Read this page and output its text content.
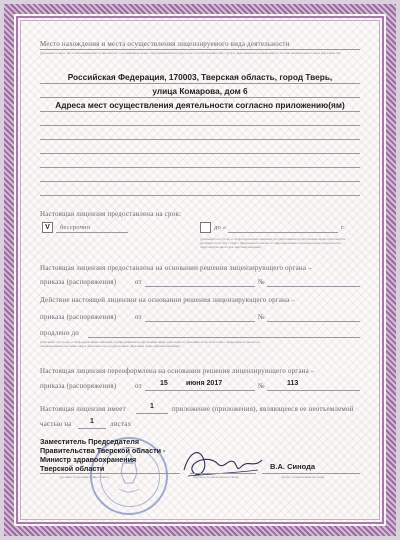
Место нахождения и места осуществления лицензируемого вида деятельности
(указывается адрес места нахождения (место жительства – для индивидуального предпринимателя) и адреса мест осуществления работ (услуг), выполняемых (оказываемых) в составе лицензируемого вида деятельности)
Российская Федерация, 170003, Тверская область, город Тверь,
улица Комарова, дом 6
Адреса мест осуществления деятельности согласно приложению(ям)
Настоящая лицензия предоставлена на срок:
V	бессрочно	до «	г.
(указывается в случае, если федеральными законами, регулирующими осуществление видов деятельности, указанных в части 4 статьи 1 Федерального закона «О лицензировании отдельных видов деятельности», предусмотрен иной срок действия лицензии)
Настоящая лицензия предоставлена на основании решения лицензирующего органа –
приказа (распоряжения)	от	№
Действие настоящей лицензии на основании решения лицензирующего органа –
приказа (распоряжения)	от	№
продлено до
(заполняется в случае, если федеральными законами, регулирующими осуществление видов деятельности, указанных в части 4 статьи 1 Федерального закона «О лицензировании отдельных видов деятельности», предусмотрено продление срока действия лицензии)
Настоящая лицензия переоформлена на основании решения лицензирующего органа –
приказа (распоряжения)	от	15	июня 2017	№	113
Настоящая лицензия имеет	1	приложение (приложения), являющееся ее неотъемлемой
частью на	1 листах
Заместитель Председателя
Правительства Тверской области -
Министр здравоохранения
Тверской области
(должность уполномоченного лица)	(подпись уполномоченного лица)
В.А. Синода
(ф.и.о. уполномоченного лица)
